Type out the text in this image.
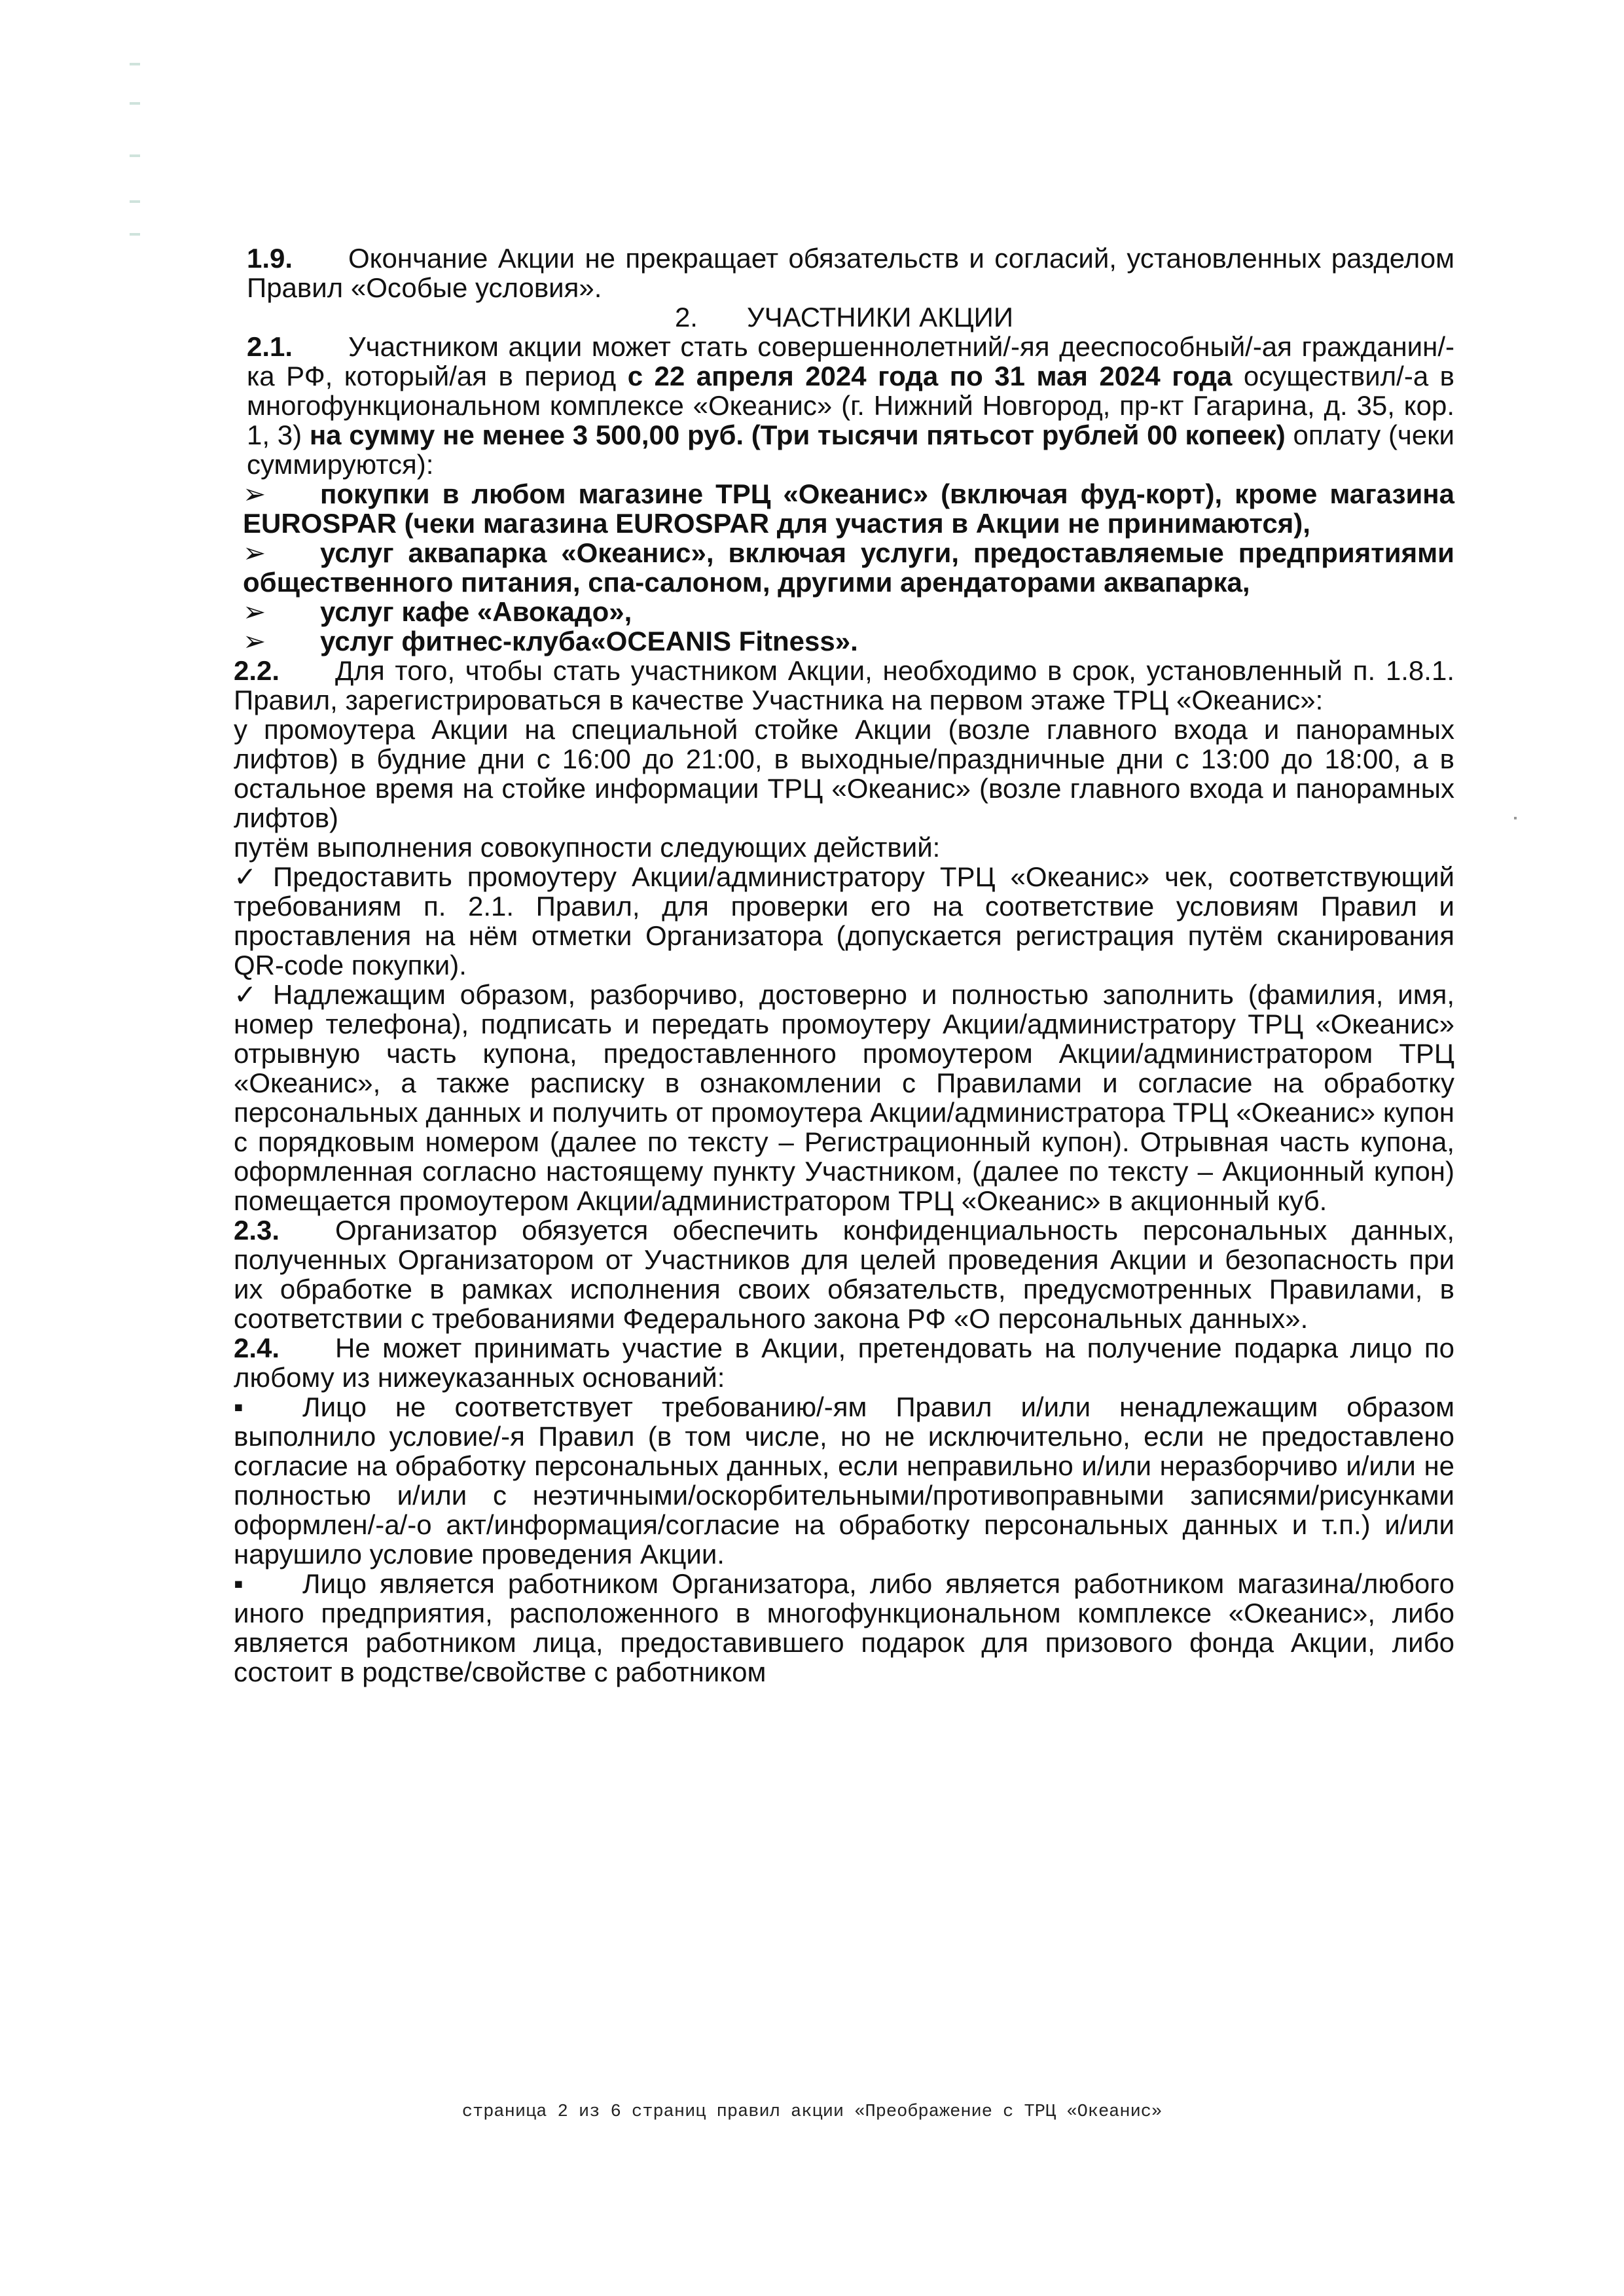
1.9. Окончание Акции не прекращает обязательств и согласий, установленных разделом Правил «Особые условия».

2. УЧАСТНИКИ АКЦИИ

2.1. Участником акции может стать совершеннолетний/-яя дееспособный/-ая гражданин/-ка РФ, который/ая в период с 22 апреля 2024 года по 31 мая 2024 года осуществил/-а в многофункциональном комплексе «Океанис» (г. Нижний Новгород, пр-кт Гагарина, д. 35, кор. 1, 3) на сумму не менее 3 500,00 руб. (Три тысячи пятьсот рублей 00 копеек) оплату (чеки суммируются):

➢ покупки в любом магазине ТРЦ «Океанис» (включая фуд-корт), кроме магазина EUROSPAR (чеки магазина EUROSPAR для участия в Акции не принимаются),

➢ услуг аквапарка «Океанис», включая услуги, предоставляемые предприятиями общественного питания, спа-салоном, другими арендаторами аквапарка,

➢ услуг кафе «Авокадо»,

➢ услуг фитнес-клуба«OCEANIS Fitness».

2.2. Для того, чтобы стать участником Акции, необходимо в срок, установленный п. 1.8.1. Правил, зарегистрироваться в качестве Участника на первом этаже ТРЦ «Океанис»:

у промоутера Акции на специальной стойке Акции (возле главного входа и панорамных лифтов) в будние дни с 16:00 до 21:00, в выходные/праздничные дни с 13:00 до 18:00, а в остальное время на стойке информации ТРЦ «Океанис» (возле главного входа и панорамных лифтов)

путём выполнения совокупности следующих действий:

✓ Предоставить промоутеру Акции/администратору ТРЦ «Океанис» чек, соответствующий требованиям п. 2.1. Правил, для проверки его на соответствие условиям Правил и проставления на нём отметки Организатора (допускается регистрация путём сканирования QR-code покупки).

✓ Надлежащим образом, разборчиво, достоверно и полностью заполнить (фамилия, имя, номер телефона), подписать и передать промоутеру Акции/администратору ТРЦ «Океанис» отрывную часть купона, предоставленного промоутером Акции/администратором ТРЦ «Океанис», а также расписку в ознакомлении с Правилами и согласие на обработку персональных данных и получить от промоутера Акции/администратора ТРЦ «Океанис» купон с порядковым номером (далее по тексту – Регистрационный купон). Отрывная часть купона, оформленная согласно настоящему пункту Участником, (далее по тексту – Акционный купон) помещается промоутером Акции/администратором ТРЦ «Океанис» в акционный куб.

2.3. Организатор обязуется обеспечить конфиденциальность персональных данных, полученных Организатором от Участников для целей проведения Акции и безопасность при их обработке в рамках исполнения своих обязательств, предусмотренных Правилами, в соответствии с требованиями Федерального закона РФ «О персональных данных».

2.4. Не может принимать участие в Акции, претендовать на получение подарка лицо по любому из нижеуказанных оснований:

▪ Лицо не соответствует требованию/-ям Правил и/или ненадлежащим образом выполнило условие/-я Правил (в том числе, но не исключительно, если не предоставлено согласие на обработку персональных данных, если неправильно и/или неразборчиво и/или не полностью и/или с неэтичными/оскорбительными/противоправными записями/рисунками оформлен/-а/-о акт/информация/согласие на обработку персональных данных и т.п.) и/или нарушило условие проведения Акции.

▪ Лицо является работником Организатора, либо является работником магазина/любого иного предприятия, расположенного в многофункциональном комплексе «Океанис», либо является работником лица, предоставившего подарок для призового фонда Акции, либо состоит в родстве/свойстве с работником

страница 2 из 6 страниц правил акции «Преображение с ТРЦ «Океанис»
